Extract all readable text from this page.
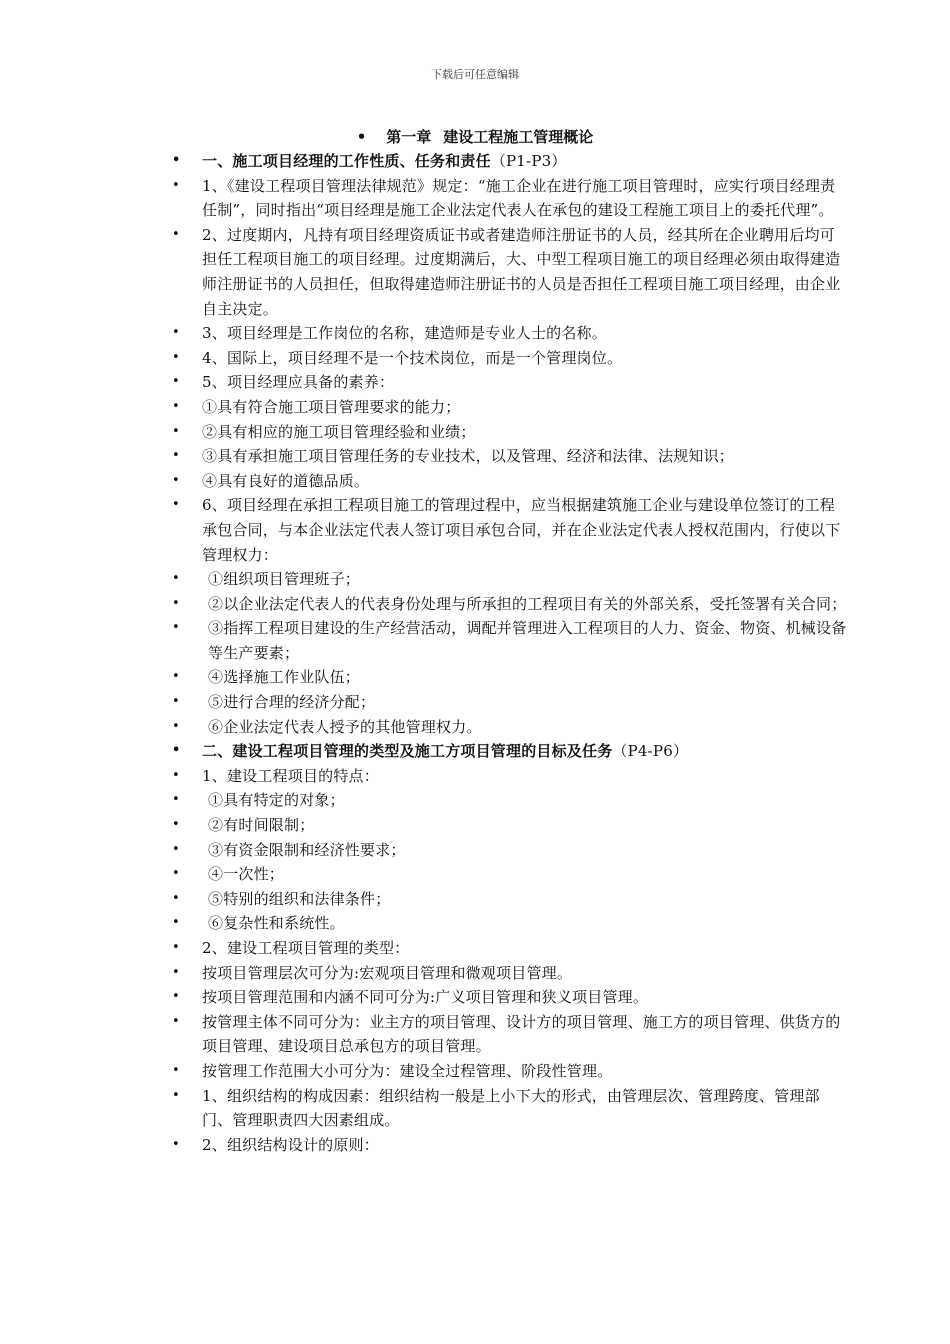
下载后可任意编辑
• 第一章 建设工程施工管理概论
• 一、施工项目经理的工作性质、任务和责任（P1-P3）
• 1、《建设工程项目管理法律规范》规定：“施工企业在进行施工项目管理时，应实行项目经理责任制”，同时指出“项目经理是施工企业法定代表人在承包的建设工程施工项目上的委托代理”。
• 2、过度期内，凡持有项目经理资质证书或者建造师注册证书的人员，经其所在企业聘用后均可担任工程项目施工的项目经理。过度期满后，大、中型工程项目施工的项目经理必须由取得建造师注册证书的人员担任，但取得建造师注册证书的人员是否担任工程项目施工项目经理，由企业自主决定。
• 3、项目经理是工作岗位的名称，建造师是专业人士的名称。
• 4、国际上，项目经理不是一个技术岗位，而是一个管理岗位。
• 5、项目经理应具备的素养：
• ①具有符合施工项目管理要求的能力；
• ②具有相应的施工项目管理经验和业绩；
• ③具有承担施工项目管理任务的专业技术，以及管理、经济和法律、法规知识；
• ④具有良好的道德品质。
• 6、项目经理在承担工程项目施工的管理过程中，应当根据建筑施工企业与建设单位签订的工程承包合同，与本企业法定代表人签订项目承包合同，并在企业法定代表人授权范围内，行使以下管理权力：
• ①组织项目管理班子；
• ②以企业法定代表人的代表身份处理与所承担的工程项目有关的外部关系，受托签署有关合同；
• ③指挥工程项目建设的生产经营活动，调配并管理进入工程项目的人力、资金、物资、机械设备等生产要素；
• ④选择施工作业队伍；
• ⑤进行合理的经济分配；
• ⑥企业法定代表人授予的其他管理权力。
• 二、建设工程项目管理的类型及施工方项目管理的目标及任务（P4-P6）
• 1、建设工程项目的特点：
• ①具有特定的对象；
• ②有时间限制；
• ③有资金限制和经济性要求；
• ④一次性；
• ⑤特别的组织和法律条件；
• ⑥复杂性和系统性。
• 2、建设工程项目管理的类型：
• 按项目管理层次可分为:宏观项目管理和微观项目管理。
• 按项目管理范围和内涵不同可分为:广义项目管理和狭义项目管理。
• 按管理主体不同可分为：业主方的项目管理、设计方的项目管理、施工方的项目管理、供货方的项目管理、建设项目总承包方的项目管理。
• 按管理工作范围大小可分为：建设全过程管理、阶段性管理。
• 1、组织结构的构成因素：组织结构一般是上小下大的形式，由管理层次、管理跨度、管理部门、管理职责四大因素组成。
• 2、组织结构设计的原则：
